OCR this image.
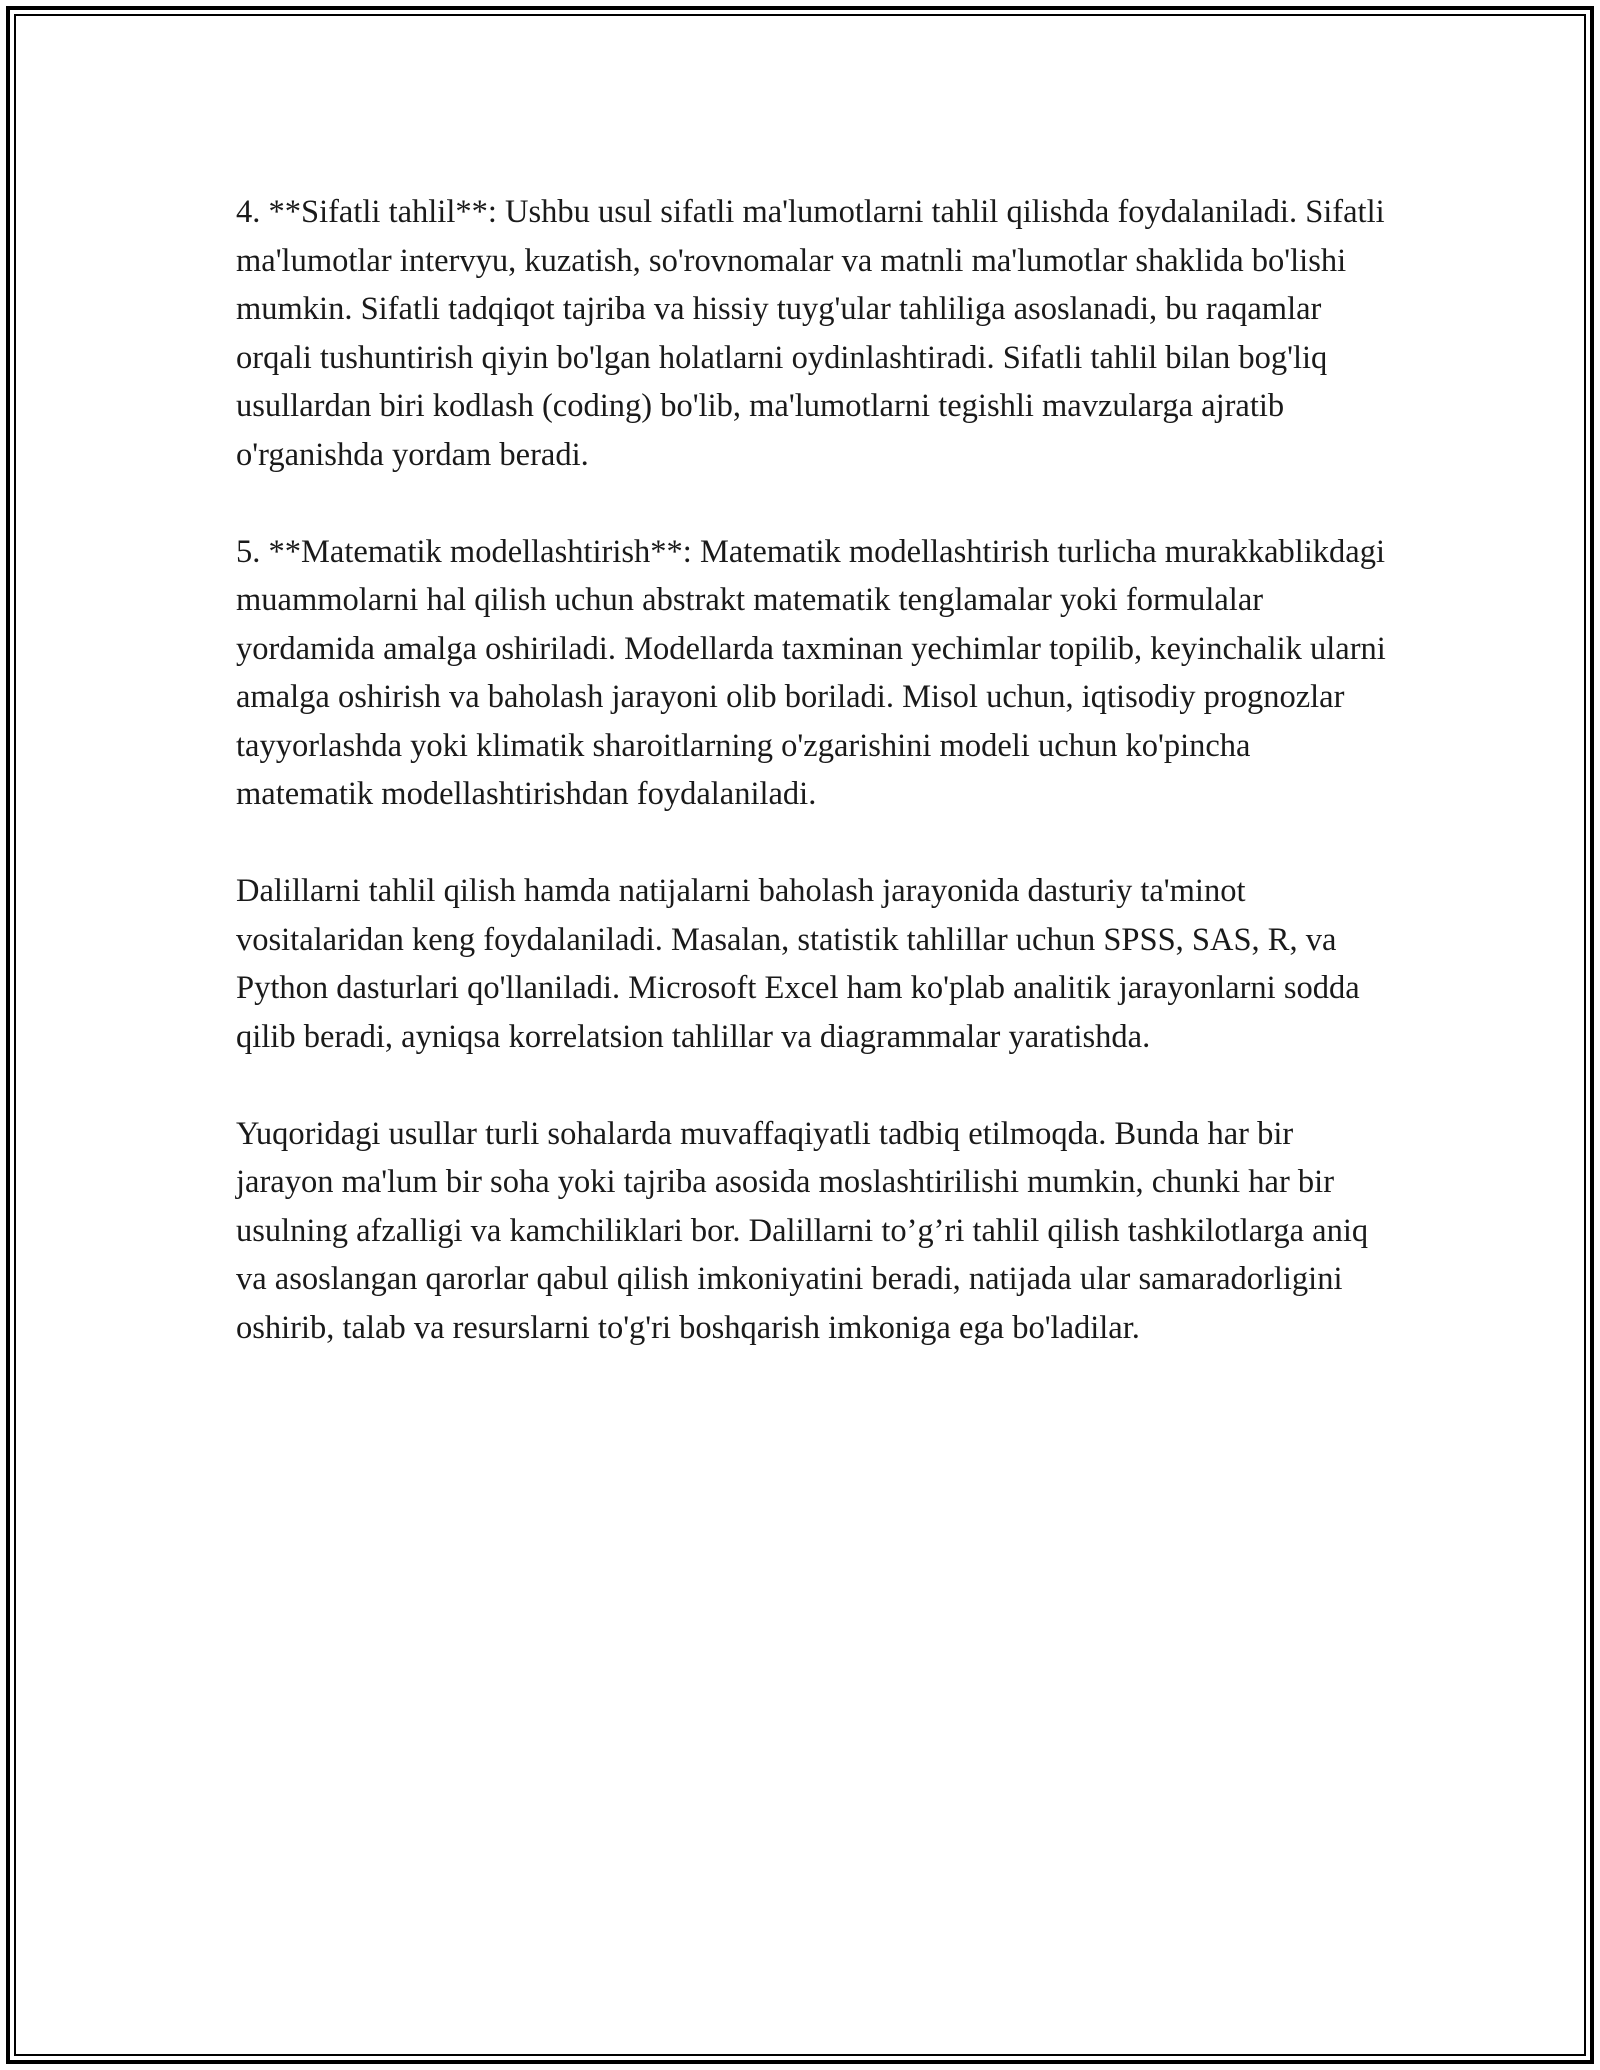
4. **Sifatli tahlil**: Ushbu usul sifatli ma'lumotlarni tahlil qilishda foydalaniladi. Sifatli ma'lumotlar intervyu, kuzatish, so'rovnomalar va matnli ma'lumotlar shaklida bo'lishi mumkin. Sifatli tadqiqot tajriba va hissiy tuyg'ular tahliliga asoslanadi, bu raqamlar orqali tushuntirish qiyin bo'lgan holatlarni oydinlashtiradi. Sifatli tahlil bilan bog'liq usullardan biri kodlash (coding) bo'lib, ma'lumotlarni tegishli mavzularga ajratib o'rganishda yordam beradi.

5. **Matematik modellashtirish**: Matematik modellashtirish turlicha murakkablikdagi muammolarni hal qilish uchun abstrakt matematik tenglamalar yoki formulalar yordamida amalga oshiriladi. Modellarda taxminan yechimlar topilib, keyinchalik ularni amalga oshirish va baholash jarayoni olib boriladi. Misol uchun, iqtisodiy prognozlar tayyorlashda yoki klimatik sharoitlarning o'zgarishini modeli uchun ko'pincha matematik modellashtirishdan foydalaniladi.

Dalillarni tahlil qilish hamda natijalarni baholash jarayonida dasturiy ta'minot vositalaridan keng foydalaniladi. Masalan, statistik tahlillar uchun SPSS, SAS, R, va Python dasturlari qo'llaniladi. Microsoft Excel ham ko'plab analitik jarayonlarni sodda qilib beradi, ayniqsa korrelatsion tahlillar va diagrammalar yaratishda.

Yuqoridagi usullar turli sohalarda muvaffaqiyatli tadbiq etilmoqda. Bunda har bir jarayon ma'lum bir soha yoki tajriba asosida moslashtirilishi mumkin, chunki har bir usulning afzalligi va kamchiliklari bor. Dalillarni to’g’ri tahlil qilish tashkilotlarga aniq va asoslangan qarorlar qabul qilish imkoniyatini beradi, natijada ular samaradorligini oshirib, talab va resurslarni to'g'ri boshqarish imkoniga ega bo'ladilar.
